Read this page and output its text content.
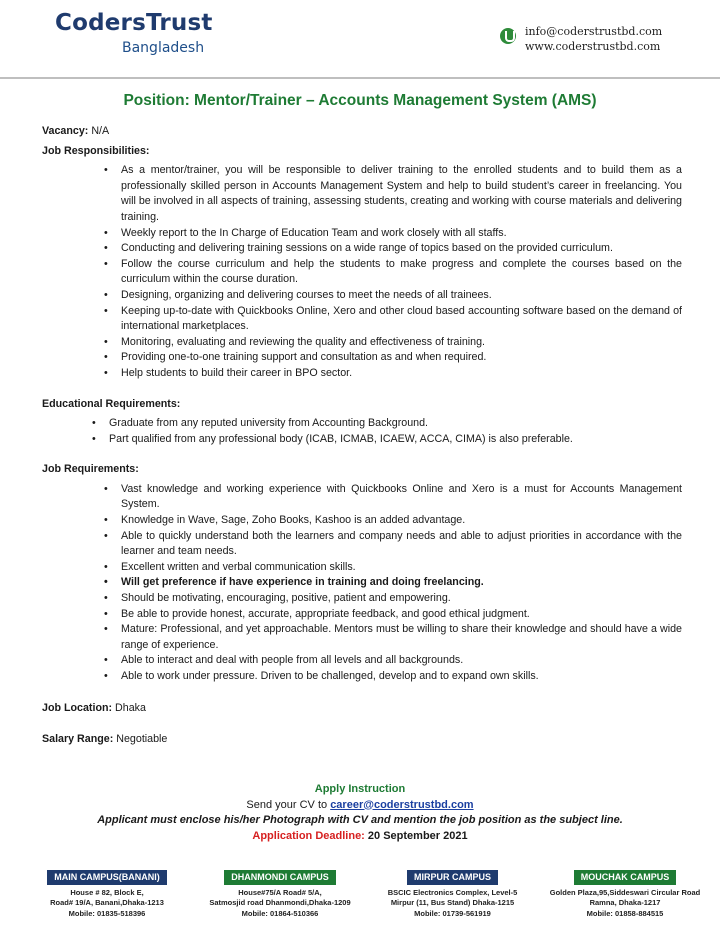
CodersTrust
Bangladesh
info@coderstrustbd.com
www.coderstrustbd.com
Position: Mentor/Trainer – Accounts Management System (AMS)
Vacancy: N/A
Job Responsibilities:
• As a mentor/trainer, you will be responsible to deliver training to the enrolled students and to build them as a professionally skilled person in Accounts Management System and help to build student’s career in freelancing. You will be involved in all aspects of training, assessing students, creating and working with course materials and delivering training.
• Weekly report to the In Charge of Education Team and work closely with all staffs.
• Conducting and delivering training sessions on a wide range of topics based on the provided curriculum.
• Follow the course curriculum and help the students to make progress and complete the courses based on the curriculum within the course duration.
• Designing, organizing and delivering courses to meet the needs of all trainees.
• Keeping up-to-date with Quickbooks Online, Xero and other cloud based accounting software based on the demand of international marketplaces.
• Monitoring, evaluating and reviewing the quality and effectiveness of training.
• Providing one-to-one training support and consultation as and when required.
• Help students to build their career in BPO sector.
Educational Requirements:
• Graduate from any reputed university from Accounting Background.
• Part qualified from any professional body (ICAB, ICMAB, ICAEW, ACCA, CIMA) is also preferable.
Job Requirements:
• Vast knowledge and working experience with Quickbooks Online and Xero is a must for Accounts Management System.
• Knowledge in Wave, Sage, Zoho Books, Kashoo is an added advantage.
• Able to quickly understand both the learners and company needs and able to adjust priorities in accordance with the learner and team needs.
• Excellent written and verbal communication skills.
• Will get preference if have experience in training and doing freelancing.
• Should be motivating, encouraging, positive, patient and empowering.
• Be able to provide honest, accurate, appropriate feedback, and good ethical judgment.
• Mature: Professional, and yet approachable. Mentors must be willing to share their knowledge and should have a wide range of experience.
• Able to interact and deal with people from all levels and all backgrounds.
• Able to work under pressure. Driven to be challenged, develop and to expand own skills.
Job Location: Dhaka
Salary Range: Negotiable
Apply Instruction
Send your CV to career@coderstrustbd.com
Applicant must enclose his/her Photograph with CV and mention the job position as the subject line.
Application Deadline: 20 September 2021
MAIN CAMPUS(BANANI)
House # 82, Block E,
Road# 19/A, Banani,Dhaka-1213
Mobile: 01835-518396
DHANMONDI CAMPUS
House#75/A Road# 5/A,
Satmosjid road Dhanmondi,Dhaka-1209
Mobile: 01864-510366
MIRPUR CAMPUS
BSCIC Electronics Complex, Level-5
Mirpur (11, Bus Stand) Dhaka-1215
Mobile: 01739-561919
MOUCHAK CAMPUS
Golden Plaza,95,Siddeswari Circular Road
Ramna, Dhaka-1217
Mobile: 01858-884515
